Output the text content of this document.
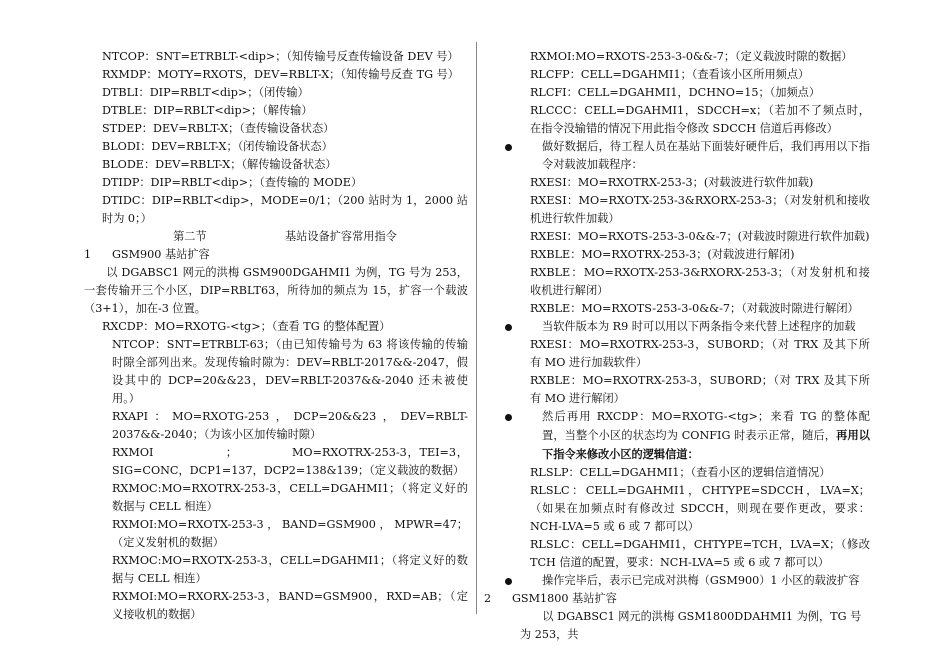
NTCOP：SNT=ETRBLT-<dip>；（知传输号反查传输设备 DEV 号）
RXMDP：MOTY=RXOTS，DEV=RBLT-X；（知传输号反查 TG 号）
DTBLI：DIP=RBLT<dip>；（闭传输）
DTBLE：DIP=RBLT<dip>；（解传输）
STDEP：DEV=RBLT-X；（查传输设备状态）
BLODI：DEV=RBLT-X；（闭传输设备状态）
BLODE：DEV=RBLT-X；（解传输设备状态）
DTIDP：DIP=RBLT<dip>；（查传输的 MODE）
DTIDC：DIP=RBLT<dip>，MODE=0/1；（200 站时为 1，2000 站时为 0；）
第二节　　　　　　　基站设备扩容常用指令
1 GSM900 基站扩容
以 DGABSC1 网元的洪梅 GSM900DGAHMI1 为例，TG 号为 253，一套传输开三个小区，DIP=RBLT63，所待加的频点为 15，扩容一个载波（3+1），加在-3 位置。
RXCDP：MO=RXOTG-<tg>；（查看 TG 的整体配置）
NTCOP：SNT=ETRBLT-63；（由已知传输号为 63 将该传输的传输时隙全部列出来。发现传输时隙为：DEV=RBLT-2017&&-2047，假设其中的 DCP=20&&23，DEV=RBLT-2037&&-2040 还未被使用。）
RXAPI：MO=RXOTG-253，DCP=20&&23，DEV=RBLT-2037&&-2040；（为该小区加传输时隙）
RXMOI　　　　　　；　　　　　MO=RXOTRX-253-3，TEI=3，SIG=CONC，DCP1=137，DCP2=138&139；（定义载波的数据）
RXMOC:MO=RXOTRX-253-3，CELL=DGAHMI1；（将定义好的数据与 CELL 相连）
RXMOI:MO=RXOTX-253-3，BAND=GSM900，MPWR=47；（定义发射机的数据）
RXMOC:MO=RXOTX-253-3，CELL=DGAHMI1；（将定义好的数据与 CELL 相连）
RXMOI:MO=RXORX-253-3，BAND=GSM900，RXD=AB；（定义接收机的数据）
RXMOI:MO=RXOTS-253-3-0&&-7；（定义载波时隙的数据）
RLCFP：CELL=DGAHMI1；（查看该小区所用频点）
RLCFI：CELL=DGAHMI1，DCHNO=15；（加频点）
RLCCC：CELL=DGAHMI1，SDCCH=x；（若加不了频点时，在指令没输错的情况下用此指令修改 SDCCH 信道后再修改）
做好数据后，待工程人员在基站下面装好硬件后，我们再用以下指令对载波加载程序：
RXESI：MO=RXOTRX-253-3；(对载波进行软件加载)
RXESI：MO=RXOTX-253-3&RXORX-253-3；（对发射机和接收机进行软件加载）
RXESI：MO=RXOTS-253-3-0&&-7；(对载波时隙进行软件加载)
RXBLE：MO=RXOTRX-253-3；(对载波进行解闭)
RXBLE：MO=RXOTX-253-3&RXORX-253-3；（对发射机和接收机进行解闭）
RXBLE：MO=RXOTS-253-3-0&&-7；（对载波时隙进行解闭）
当软件版本为 R9 时可以用以下两条指令来代替上述程序的加载
RXESI：MO=RXOTRX-253-3，SUBORD；（对 TRX 及其下所有 MO 进行加载软件）
RXBLE：MO=RXOTRX-253-3，SUBORD；（对 TRX 及其下所有 MO 进行解闭）
然后再用 RXCDP：MO=RXOTG-<tg>；来看 TG 的整体配置，当整个小区的状态均为 CONFIG 时表示正常，随后，再用以下指令来修改小区的逻辑信道：
RLSLP：CELL=DGAHMI1；（查看小区的逻辑信道情况）
RLSLC：CELL=DGAHMI1，CHTYPE=SDCCH，LVA=X；（如果在加频点时有修改过 SDCCH，则现在要作更改，要求：NCH-LVA=5 或 6 或 7 都可以）
RLSLC：CELL=DGAHMI1，CHTYPE=TCH，LVA=X；（修改 TCH 信道的配置，要求：NCH-LVA=5 或 6 或 7 都可以）
操作完毕后，表示已完成对洪梅（GSM900）1 小区的载波扩容
2 GSM1800 基站扩容
以 DGABSC1 网元的洪梅 GSM1800DDAHMI1 为例，TG 号为 253，共
